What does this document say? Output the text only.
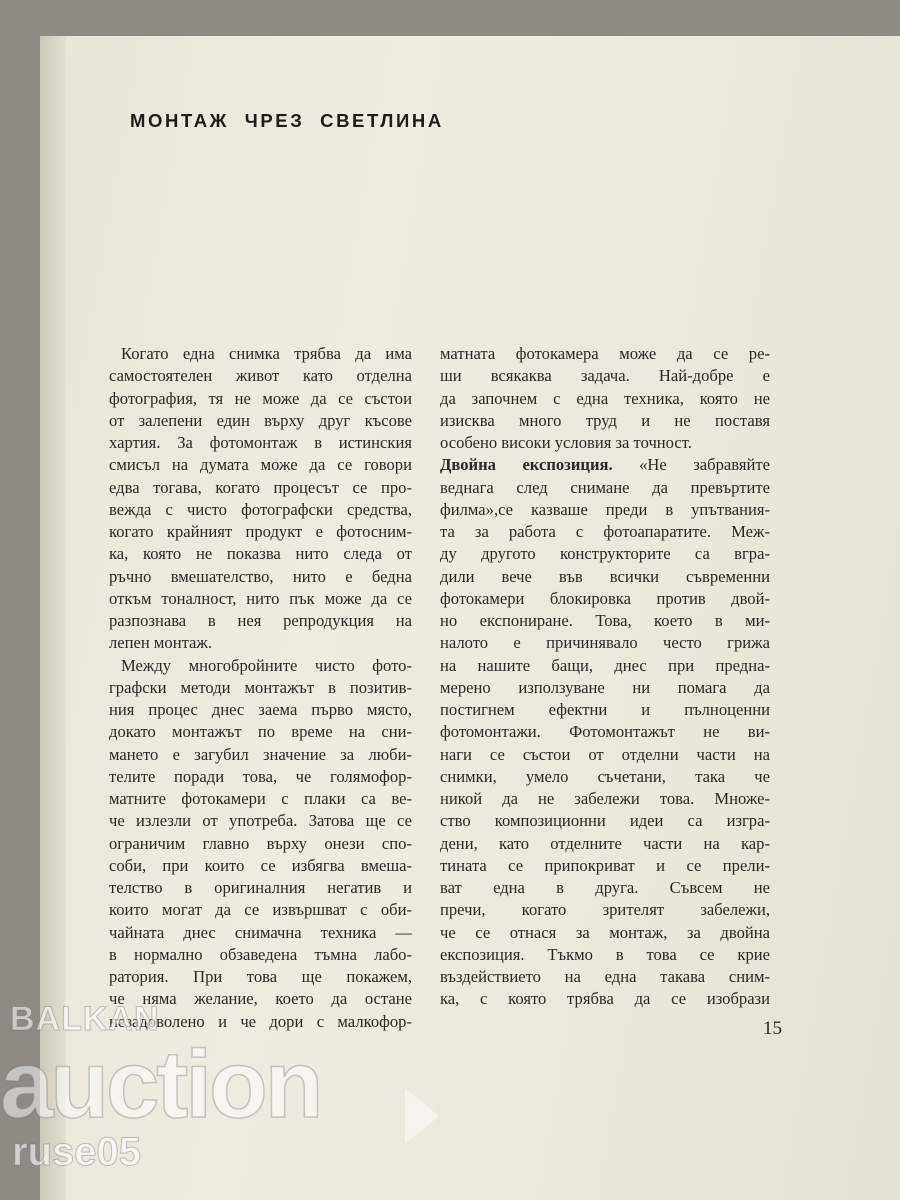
МОНТАЖ ЧРЕЗ СВЕТЛИНА
Когато една снимка трябва да има
самостоятелен живот като отделна
фотография, тя не може да се състои
от залепени един върху друг късове
хартия. За фотомонтаж в истинския
смисъл на думата може да се говори
едва тогава, когато процесът се про-
вежда с чисто фотографски средства,
когато крайният продукт е фотосним-
ка, която не показва нито следа от
ръчно вмешателство, нито е бедна
откъм тоналност, нито пък може да се
разпознава в нея репродукция на
лепен монтаж.
Между многобройните чисто фото-
графски методи монтажът в позитив-
ния процес днес заема първо място,
докато монтажът по време на сни-
мането е загубил значение за люби-
телите поради това, че голямофор-
матните фотокамери с плаки са ве-
че излезли от употреба. Затова ще се
ограничим главно върху онези спо-
соби, при които се избягва вмеша-
телство в оригиналния негатив и
които могат да се извършват с оби-
чайната днес снимачна техника —
в нормално обзаведена тъмна лабо-
ратория. При това ще покажем,
че няма желание, което да остане
незадоволено и че дори с малкофор-
матната фотокамера може да се ре-
ши всякаква задача. Най-добре е
да започнем с една техника, която не
изисква много труд и не поставя
особено високи условия за точност.
Двойна експозиция. «Не забравяйте
веднага след снимане да превъртите
филма»,се казваше преди в упътвания-
та за работа с фотоапаратите. Меж-
ду другото конструкторите са вгра-
дили вече във всички съвременни
фотокамери блокировка против двой-
но експониране. Това, което в ми-
налото е причинявало често грижа
на нашите бащи, днес при предна-
мерено използуване ни помага да
постигнем ефектни и пълноценни
фотомонтажи. Фотомонтажът не ви-
наги се състои от отделни части на
снимки, умело съчетани, така че
никой да не забележи това. Множе-
ство композиционни идеи са изгра-
дени, като отделните части на кар-
тината се припокриват и се прели-
ват една в друга. Съвсем не
пречи, когато зрителят забележи,
че се отнася за монтаж, за двойна
експозиция. Тъкмо в това се крие
въздействието на една такава сним-
ка, с която трябва да се изобрази
15
BALKAN
auction
ruse05
